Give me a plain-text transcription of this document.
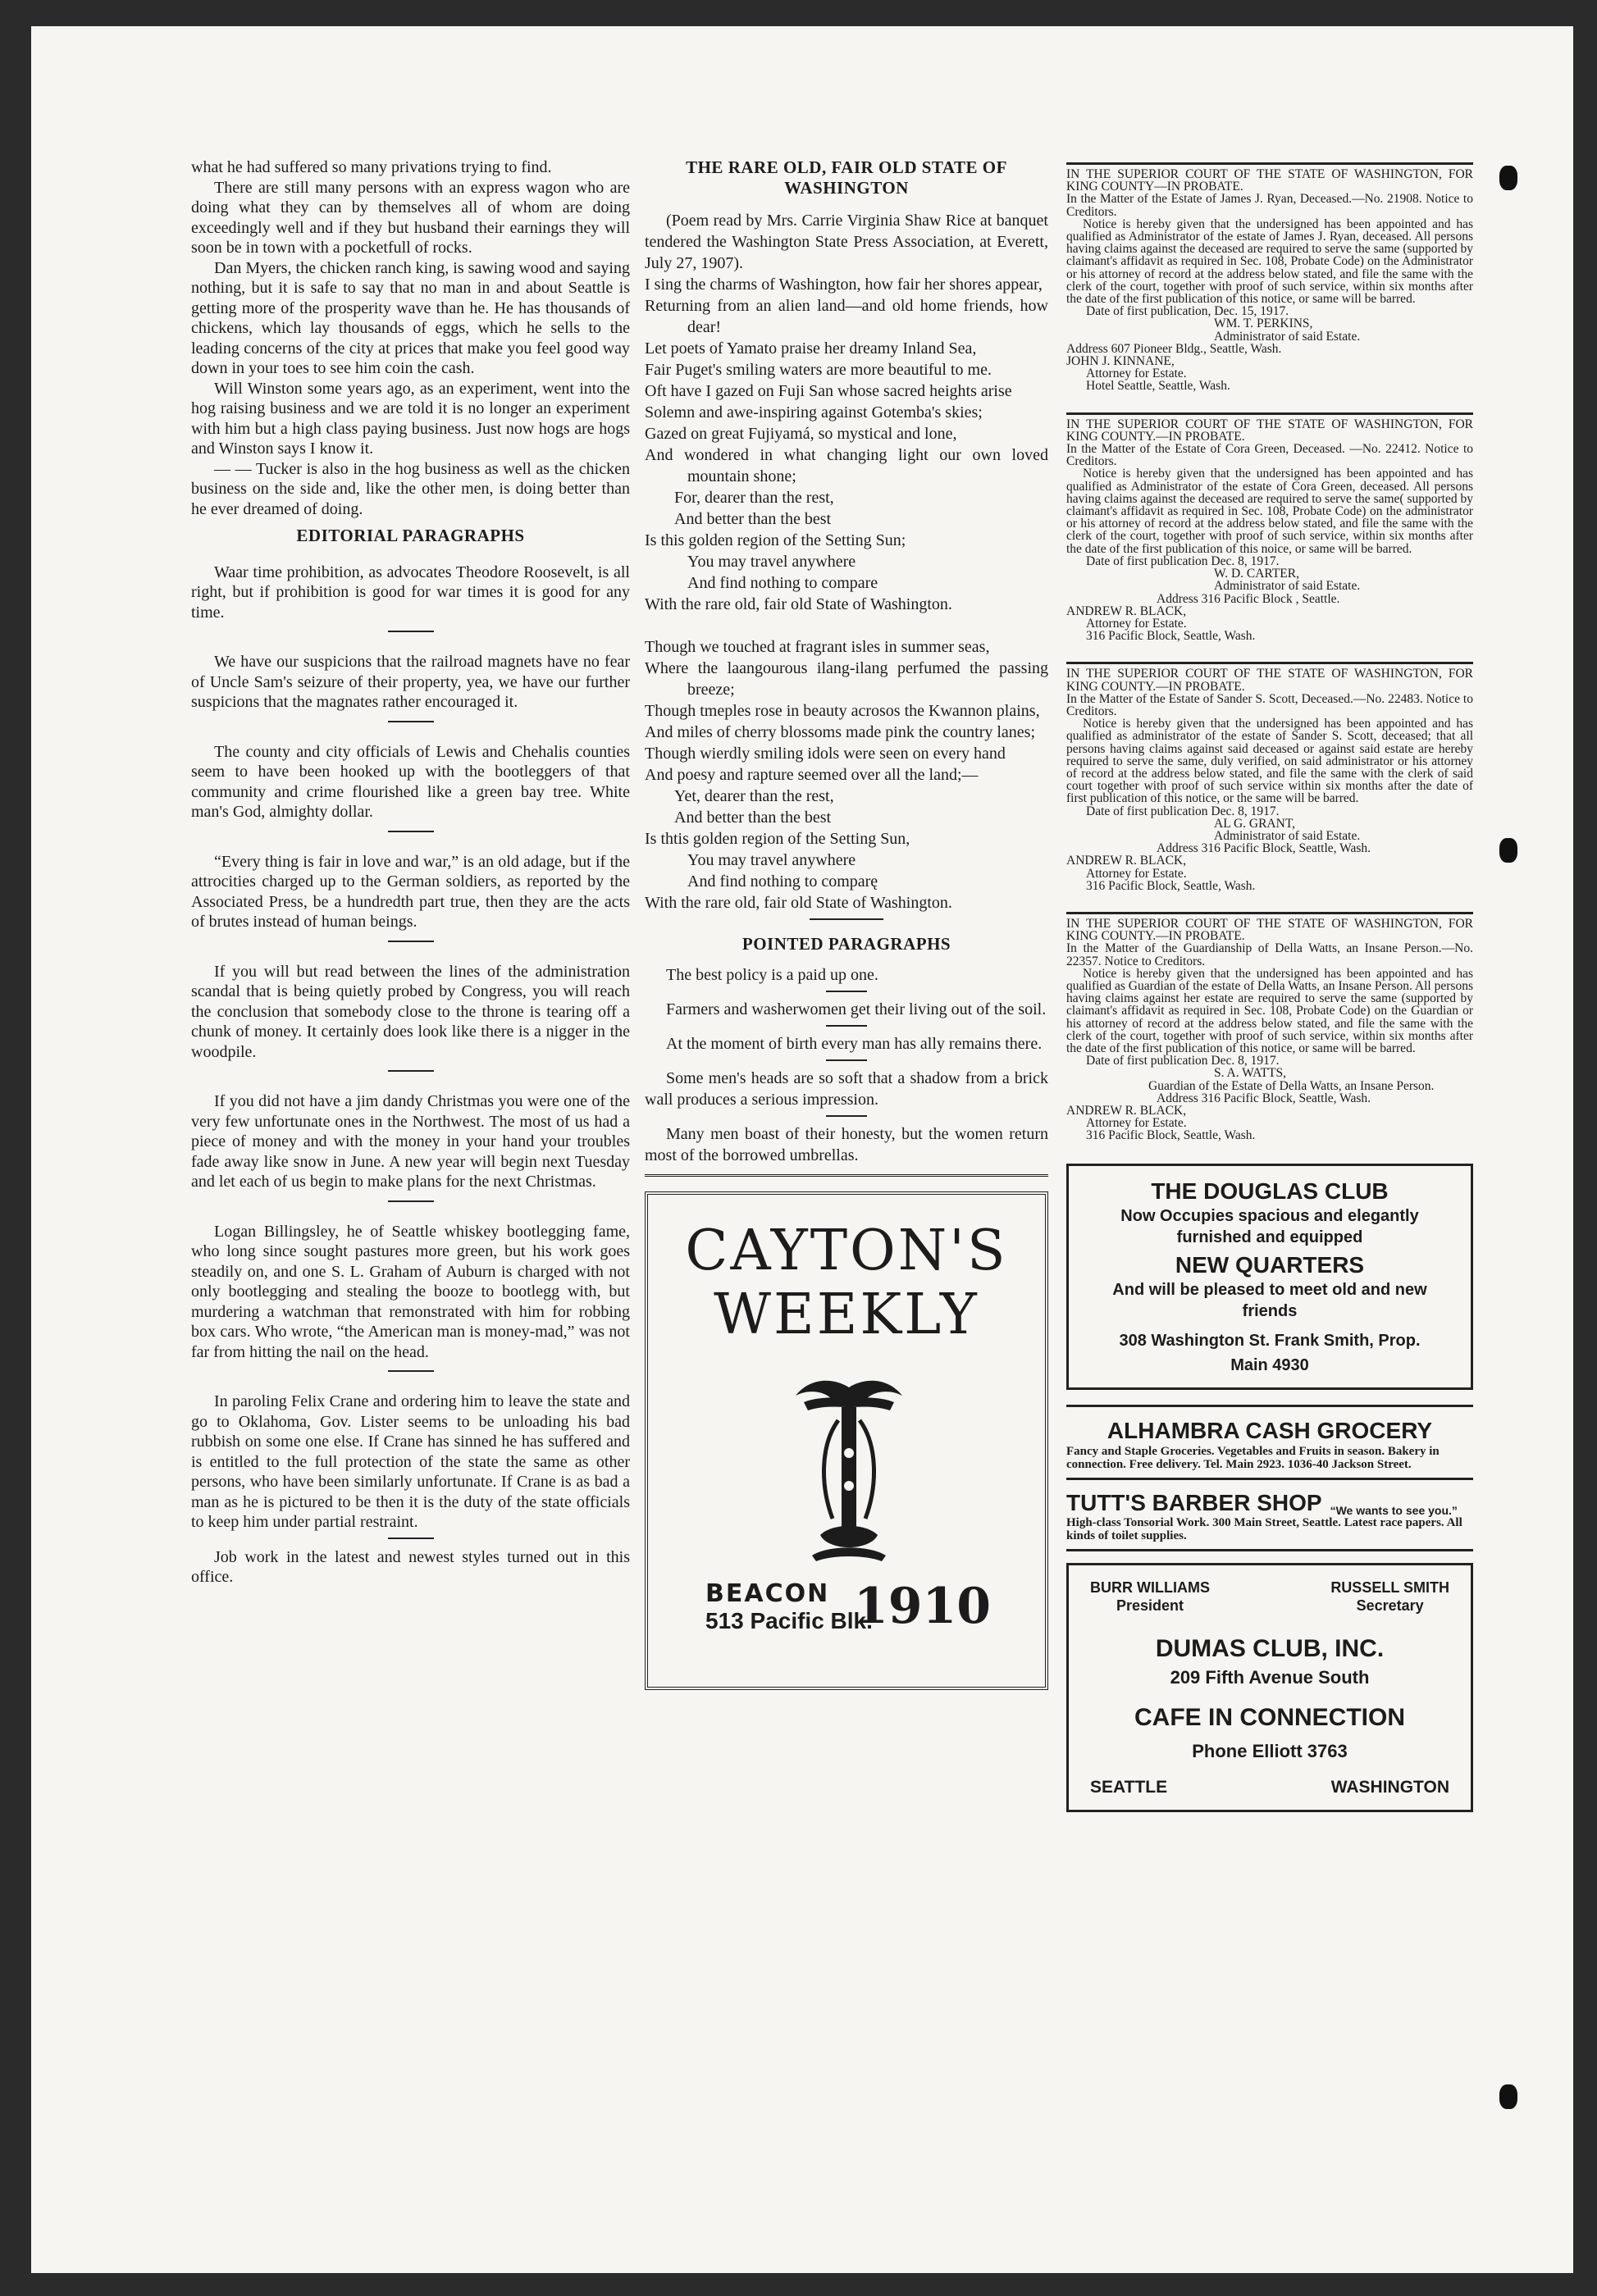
what he had suffered so many privations trying to find.

There are still many persons with an express wagon who are doing what they can by themselves all of whom are doing exceedingly well and if they but husband their earnings they will soon be in town with a pocketfull of rocks.

Dan Myers, the chicken ranch king, is sawing wood and saying nothing, but it is safe to say that no man in and about Seattle is getting more of the prosperity wave than he. He has thousands of chickens, which lay thousands of eggs, which he sells to the leading concerns of the city at prices that make you feel good way down in your toes to see him coin the cash.

Will Winston some years ago, as an experiment, went into the hog raising business and we are told it is no longer an experiment with him but a high class paying business. Just now hogs are hogs and Winston says I know it.

— — Tucker is also in the hog business as well as the chicken business on the side and, like the other men, is doing better than he ever dreamed of doing.

EDITORIAL PARAGRAPHS

Waar time prohibition, as advocates Theodore Roosevelt, is all right, but if prohibition is good for war times it is good for any time.

We have our suspicions that the railroad magnets have no fear of Uncle Sam's seizure of their property, yea, we have our further suspicions that the magnates rather encouraged it.

The county and city officials of Lewis and Chehalis counties seem to have been hooked up with the bootleggers of that community and crime flourished like a green bay tree. White man's God, almighty dollar.

“Every thing is fair in love and war,” is an old adage, but if the attrocities charged up to the German soldiers, as reported by the Associated Press, be a hundredth part true, then they are the acts of brutes instead of human beings.

If you will but read between the lines of the administration scandal that is being quietly probed by Congress, you will reach the conclusion that somebody close to the throne is tearing off a chunk of money. It certainly does look like there is a nigger in the woodpile.

If you did not have a jim dandy Christmas you were one of the very few unfortunate ones in the Northwest. The most of us had a piece of money and with the money in your hand your troubles fade away like snow in June. A new year will begin next Tuesday and let each of us begin to make plans for the next Christmas.

Logan Billingsley, he of Seattle whiskey bootlegging fame, who long since sought pastures more green, but his work goes steadily on, and one S. L. Graham of Auburn is charged with not only bootlegging and stealing the booze to bootlegg with, but murdering a watchman that remonstrated with him for robbing box cars. Who wrote, “the American man is money-mad,” was not far from hitting the nail on the head.

In paroling Felix Crane and ordering him to leave the state and go to Oklahoma, Gov. Lister seems to be unloading his bad rubbish on some one else. If Crane has sinned he has suffered and is entitled to the full protection of the state the same as other persons, who have been similarly unfortunate. If Crane is as bad a man as he is pictured to be then it is the duty of the state officials to keep him under partial restraint.

Job work in the latest and newest styles turned out in this office.

THE RARE OLD, FAIR OLD STATE OF WASHINGTON

(Poem read by Mrs. Carrie Virginia Shaw Rice at banquet tendered the Washington State Press Association, at Everett, July 27, 1907).

I sing the charms of Washington, how fair her shores appear,

Returning from an alien land—and old home friends, how dear!

Let poets of Yamato praise her dreamy Inland Sea,

Fair Puget's smiling waters are more beautiful to me.

Oft have I gazed on Fuji San whose sacred heights arise

Solemn and awe-inspiring against Gotemba's skies;

Gazed on great Fujiyamá, so mystical and lone,

And wondered in what changing light our own loved mountain shone;

For, dearer than the rest,

And better than the best

Is this golden region of the Setting Sun;

You may travel anywhere

And find nothing to compare

With the rare old, fair old State of Washington.

Though we touched at fragrant isles in summer seas,

Where the laangourous ilang-ilang perfumed the passing breeze;

Though tmeples rose in beauty acrosos the Kwannon plains,

And miles of cherry blossoms made pink the country lanes;

Though wierdly smiling idols were seen on every hand

And poesy and rapture seemed over all the land;—

Yet, dearer than the rest,

And better than the best

Is thtis golden region of the Setting Sun,

You may travel anywhere

And find nothing to comparę

With the rare old, fair old State of Washington.

POINTED PARAGRAPHS

The best policy is a paid up one.

Farmers and washerwomen get their living out of the soil.

At the moment of birth every man has ally remains there.

Some men's heads are so soft that a shadow from a brick wall produces a serious impression.

Many men boast of their honesty, but the women return most of the borrowed umbrellas.

CAYTON'S
WEEKLY
BEACON
513 Pacific Blk.
1910

IN THE SUPERIOR COURT OF THE STATE OF WASHINGTON, FOR KING COUNTY—IN PROBATE.

In the Matter of the Estate of James J. Ryan, Deceased.—No. 21908. Notice to Creditors.

Notice is hereby given that the undersigned has been appointed and has qualified as Administrator of the estate of James J. Ryan, deceased. All persons having claims against the deceased are required to serve the same (supported by claimant's affidavit as required in Sec. 108, Probate Code) on the Administrator or his attorney of record at the address below stated, and file the same with the clerk of the court, together with proof of such service, within six months after the date of the first publication of this notice, or same will be barred.

Date of first publication, Dec. 15, 1917.

WM. T. PERKINS,

Administrator of said Estate.

Address 607 Pioneer Bldg., Seattle, Wash.

JOHN J. KINNANE,

Attorney for Estate.

Hotel Seattle, Seattle, Wash.

IN THE SUPERIOR COURT OF THE STATE OF WASHINGTON, FOR KING COUNTY.—IN PROBATE.

In the Matter of the Estate of Cora Green, Deceased. —No. 22412. Notice to Creditors.

Notice is hereby given that the undersigned has been appointed and has qualified as Administrator of the estate of Cora Green, deceased. All persons having claims against the deceased are required to serve the same( supported by claimant's affidavit as required in Sec. 108, Probate Code) on the administrator or his attorney of record at the address below stated, and file the same with the clerk of the court, together with proof of such service, within six months after the date of the first publication of this noice, or same will be barred.

Date of first publication Dec. 8, 1917.

W. D. CARTER,

Administrator of said Estate.

Address 316 Pacific Block , Seattle.

ANDREW R. BLACK,

Attorney for Estate.

316 Pacific Block, Seattle, Wash.

IN THE SUPERIOR COURT OF THE STATE OF WASHINGTON, FOR KING COUNTY.—IN PROBATE.

In the Matter of the Estate of Sander S. Scott, Deceased.—No. 22483. Notice to Creditors.

Notice is hereby given that the undersigned has been appointed and has qualified as administrator of the estate of Sander S. Scott, deceased; that all persons having claims against said deceased or against said estate are hereby required to serve the same, duly verified, on said administrator or his attorney of record at the address below stated, and file the same with the clerk of said court together with proof of such service within six months after the date of first publication of this notice, or the same will be barred.

Date of first publication Dec. 8, 1917.

AL G. GRANT,

Administrator of said Estate.

Address 316 Pacific Block, Seattle, Wash.

ANDREW R. BLACK,

Attorney for Estate.

316 Pacific Block, Seattle, Wash.

IN THE SUPERIOR COURT OF THE STATE OF WASHINGTON, FOR KING COUNTY.—IN PROBATE.

In the Matter of the Guardianship of Della Watts, an Insane Person.—No. 22357. Notice to Creditors.

Notice is hereby given that the undersigned has been appointed and has qualified as Guardian of the estate of Della Watts, an Insane Person. All persons having claims against her estate are required to serve the same (supported by claimant's affidavit as required in Sec. 108, Probate Code) on the Guardian or his attorney of record at the address below stated, and file the same with the clerk of the court, together with proof of such service, within six months after the date of the first publication of this notice, or same will be barred.

Date of first publication Dec. 8, 1917.

S. A. WATTS,

Guardian of the Estate of Della Watts, an Insane Person.

Address 316 Pacific Block, Seattle, Wash.

ANDREW R. BLACK,

Attorney for Estate.

316 Pacific Block, Seattle, Wash.

THE DOUGLAS CLUB
Now Occupies spacious and elegantly furnished and equipped
NEW QUARTERS
And will be pleased to meet old and new friends
308 Washington St. Frank Smith, Prop.
Main 4930
ALHAMBRA CASH GROCERY
Fancy and Staple Groceries. Vegetables and Fruits in season. Bakery in connection. Free delivery. Tel. Main 2923. 1036-40 Jackson Street.
TUTT'S BARBER SHOP “We wants to see you.”
High-class Tonsorial Work. 300 Main Street, Seattle. Latest race papers. All kinds of toilet supplies.
BURR WILLIAMS
President
RUSSELL SMITH
Secretary
DUMAS CLUB, INC.
209 Fifth Avenue South
CAFE IN CONNECTION
Phone Elliott 3763
SEATTLE	WASHINGTON
